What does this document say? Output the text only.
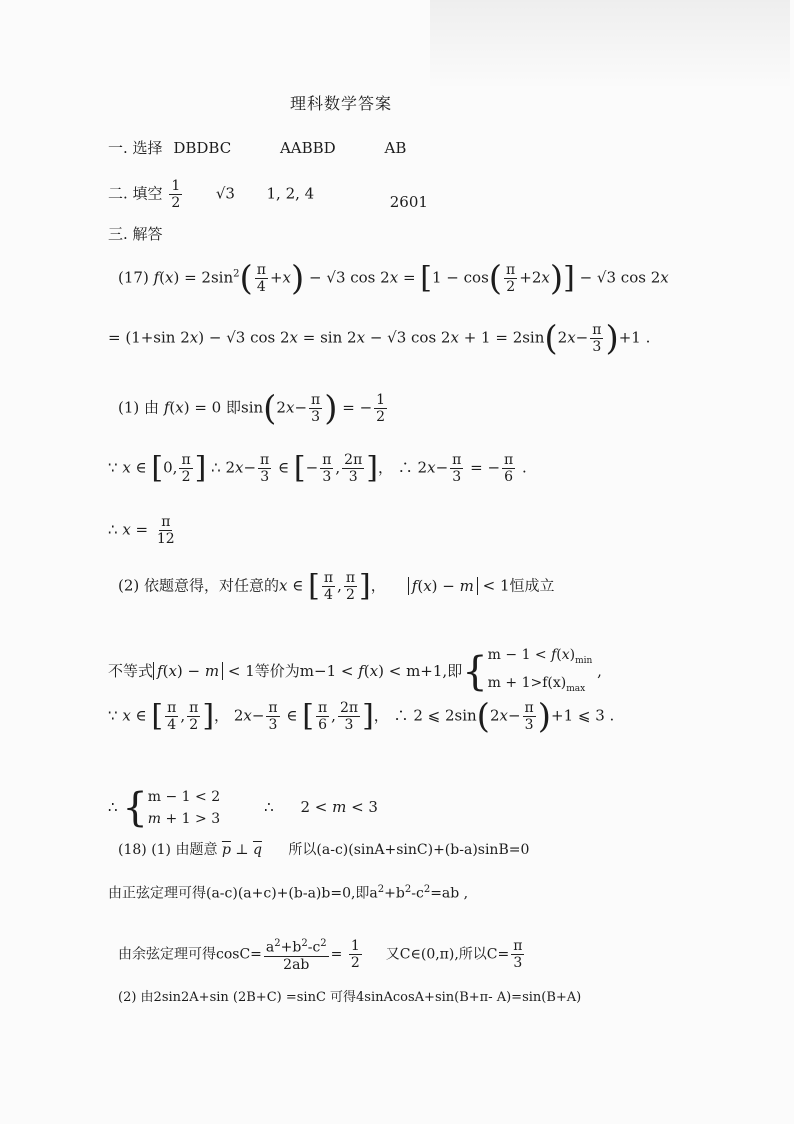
理科数学答案
一. 选择 DBDBC	AABBD	AB
二. 填空 $\frac{1}{2} √3$ 1, 2, 4	2601
三. 解答
(17) $f(x) = 2\sin^2( \frac{\pi}{4} +x) - √3$ $\cos 2x = [1 - \cos( \frac{\pi}{2} +2x)] - √3$ cos 2x
= (1+sin 2x) − √3 cos 2x = sin 2x − √3 $\cos 2x + 1 = 2\sin(2x- \frac{\pi}{3} )+1$ .
(1) 由 f(x) = 0 即$\sin(2x- \frac{\pi}{3}$ ) = − $\frac{1}{2}$
∵ x ∈ [0, $\frac{\pi}{2}$ ] ∴ $2x- \frac{\pi}{3}$ ∈ [− $\frac{\pi}{3}$ , $\frac{2\pi}{3}$ ]， ∴ $2x- \frac{\pi}{3}$ = − $\frac{\pi}{6}$ .
∴ $x = \frac{\pi}{12}$
(2) 依题意得，对任意的x ∈ [ $\frac{\pi}{4}$ , $\frac{\pi}{2}$ ]， f(x) − m < 1恒成立
不等式 f(x) − m < 1等价为m−1 < f(x) < m+1,即{ $m - 1 < f(x)_{min}$
$m + 1>f(x)_{max}$
,
∵ x ∈ [ $\frac{\pi}{4}$ , $\frac{\pi}{2}$ ]， $2x- \frac{\pi}{3}$ ∈ [ $\frac{\pi}{6}$ , $\frac{2\pi}{3}$ ]， ∴ 2 ⩽ $2\sin(2x- \frac{\pi}{3} )+1$ ⩽ 3 .
∴ { m − 1 < 2
m + 1 > 3
∴ 2 < m < 3
(18) (1) 由题意 $\overline{p}$ ⊥ $\overline{q}$ 所以(a-c)(sinA+sinC)+(b-a)sinB=0
由正弦定理可得(a-c)(a+c)+(b-a)b=0,即$a^2+b^2-c^2=ab$ ,
由余弦定理可得$\cos C= \frac{a^2+b^2-c^2}{2ab} = \frac{1}{2}$ 又C∈(0,π),所以$C= \frac{\pi}{3}$
(2) 由2sin2A+sin (2B+C) =sinC 可得4sinAcosA+sin(B+π- A)=sin(B+A)
